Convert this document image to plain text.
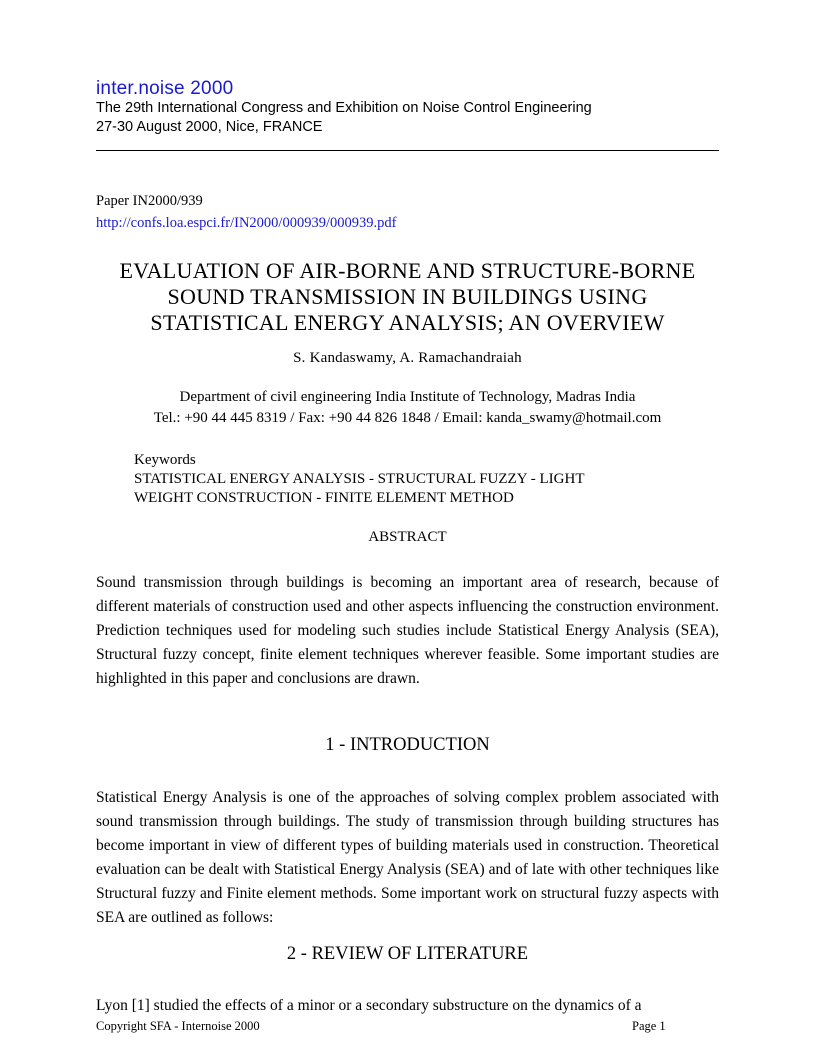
inter.noise 2000
The 29th International Congress and Exhibition on Noise Control Engineering
27-30 August 2000, Nice, FRANCE
Paper IN2000/939
http://confs.loa.espci.fr/IN2000/000939/000939.pdf
EVALUATION OF AIR-BORNE AND STRUCTURE-BORNE
SOUND TRANSMISSION IN BUILDINGS USING
STATISTICAL ENERGY ANALYSIS; AN OVERVIEW
S. Kandaswamy, A. Ramachandraiah
Department of civil engineering India Institute of Technology, Madras India
Tel.: +90 44 445 8319 / Fax: +90 44 826 1848 / Email: kanda_swamy@hotmail.com
Keywords
STATISTICAL ENERGY ANALYSIS - STRUCTURAL FUZZY - LIGHT
WEIGHT CONSTRUCTION - FINITE ELEMENT METHOD
ABSTRACT
Sound transmission through buildings is becoming an important area of research, because of different materials of construction used and other aspects influencing the construction environment. Prediction techniques used for modeling such studies include Statistical Energy Analysis (SEA), Structural fuzzy concept, finite element techniques wherever feasible. Some important studies are highlighted in this paper and conclusions are drawn.
1 - INTRODUCTION
Statistical Energy Analysis is one of the approaches of solving complex problem associated with sound transmission through buildings. The study of transmission through building structures has become important in view of different types of building materials used in construction. Theoretical evaluation can be dealt with Statistical Energy Analysis (SEA) and of late with other techniques like Structural fuzzy and Finite element methods. Some important work on structural fuzzy aspects with SEA are outlined as follows:
2 - REVIEW OF LITERATURE
Lyon [1] studied the effects of a minor or a secondary substructure on the dynamics of a
Copyright SFA - Internoise 2000	Page 1
